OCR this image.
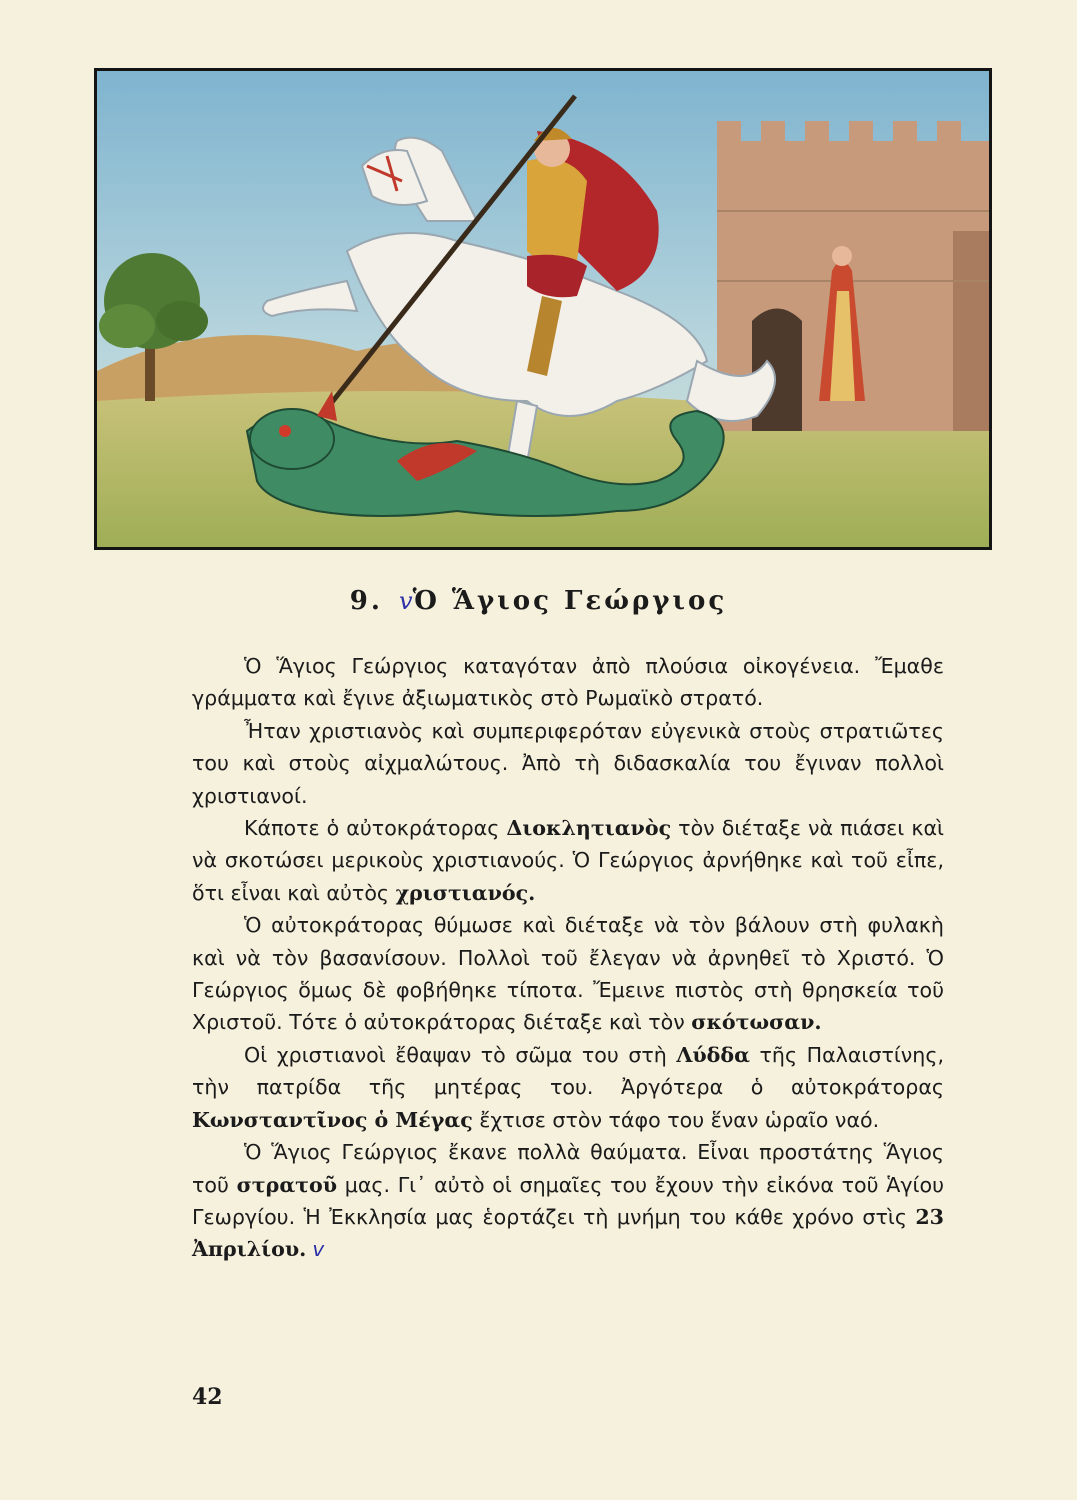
9. vὉ Ἅγιος Γεώργιος

Ὁ Ἅγιος Γεώργιος καταγόταν ἀπὸ πλούσια οἰκογένεια. Ἔμαθε γράμματα καὶ ἔγινε ἀξιωματικὸς στὸ Ρωμαϊκὸ στρατό.

Ἦταν χριστιανὸς καὶ συμπεριφερόταν εὐγενικὰ στοὺς στρατιῶτες του καὶ στοὺς αἰχμαλώτους. Ἀπὸ τὴ διδασκαλία του ἔγιναν πολλοὶ χριστιανοί.

Κάποτε ὁ αὐτοκράτορας Διοκλητιανὸς τὸν διέταξε νὰ πιάσει καὶ νὰ σκοτώσει μερικοὺς χριστιανούς. Ὁ Γεώργιος ἀρνήθηκε καὶ τοῦ εἶπε, ὅτι εἶναι καὶ αὐτὸς χριστιανός.

Ὁ αὐτοκράτορας θύμωσε καὶ διέταξε νὰ τὸν βάλουν στὴ φυλακὴ καὶ νὰ τὸν βασανίσουν. Πολλοὶ τοῦ ἔλεγαν νὰ ἀρνηθεῖ τὸ Χριστό. Ὁ Γεώργιος ὅμως δὲ φοβήθηκε τίποτα. Ἔμεινε πιστὸς στὴ θρησκεία τοῦ Χριστοῦ. Τότε ὁ αὐτοκράτορας διέταξε καὶ τὸν σκότωσαν.

Οἱ χριστιανοὶ ἔθαψαν τὸ σῶμα του στὴ Λύδδα τῆς Παλαιστίνης, τὴν πατρίδα τῆς μητέρας του. Ἀργότερα ὁ αὐτοκράτορας Κωνσταντῖνος ὁ Μέγας ἔχτισε στὸν τάφο του ἕναν ὡραῖο ναό.

Ὁ Ἅγιος Γεώργιος ἔκανε πολλὰ θαύματα. Εἶναι προστάτης Ἅγιος τοῦ στρατοῦ μας. Γι᾽ αὐτὸ οἱ σημαῖες του ἔχουν τὴν εἰκόνα τοῦ Ἁγίου Γεωργίου. Ἡ Ἐκκλησία μας ἑορτάζει τὴ μνήμη του κάθε χρόνο στὶς 23 Ἀπριλίου. v

42
